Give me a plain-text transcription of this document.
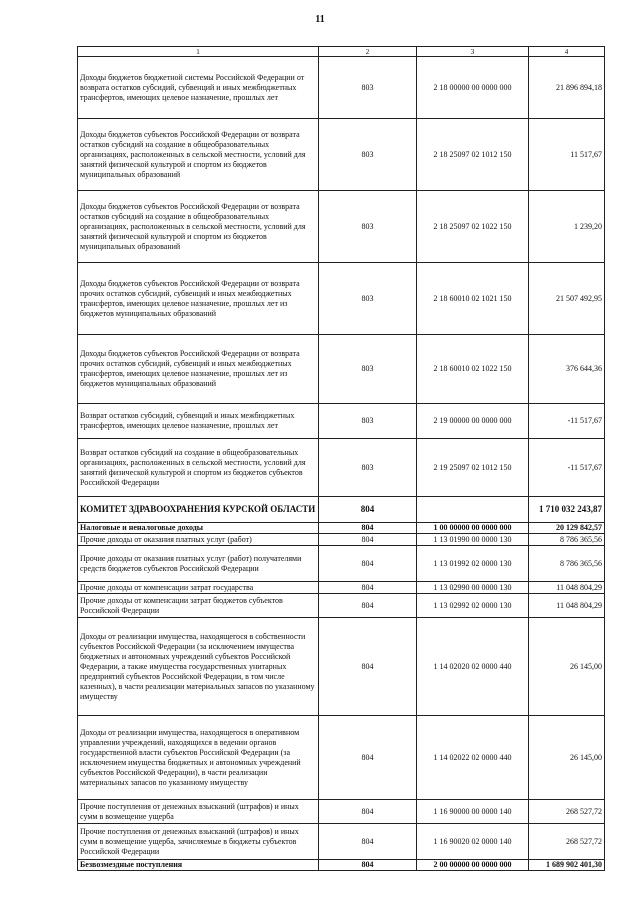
11
1	2	3	4
Доходы бюджетов бюджетной системы Российской Федерации от возврата остатков субсидий, субвенций и иных межбюджетных трансфертов, имеющих целевое назначение, прошлых лет	803	2 18 00000 00 0000 000	21 896 894,18
Доходы бюджетов субъектов Российской Федерации от возврата остатков субсидий на создание в общеобразовательных организациях, расположенных в сельской местности, условий для занятий физической культурой и спортом из бюджетов муниципальных образований	803	2 18 25097 02 1012 150	11 517,67
Доходы бюджетов субъектов Российской Федерации от возврата остатков субсидий на создание в общеобразовательных организациях, расположенных в сельской местности, условий для занятий физической культурой и спортом из бюджетов муниципальных образований	803	2 18 25097 02 1022 150	1 239,20
Доходы бюджетов субъектов Российской Федерации от возврата прочих остатков субсидий, субвенций и иных межбюджетных трансфертов, имеющих целевое назначение, прошлых лет из бюджетов муниципальных образований	803	2 18 60010 02 1021 150	21 507 492,95
Доходы бюджетов субъектов Российской Федерации от возврата прочих остатков субсидий, субвенций и иных межбюджетных трансфертов, имеющих целевое назначение, прошлых лет из бюджетов муниципальных образований	803	2 18 60010 02 1022 150	376 644,36
Возврат остатков субсидий, субвенций и иных межбюджетных трансфертов, имеющих целевое назначение, прошлых лет	803	2 19 00000 00 0000 000	-11 517,67
Возврат остатков субсидий на создание в общеобразовательных организациях, расположенных в сельской местности, условий для занятий физической культурой и спортом из бюджетов субъектов Российской Федерации	803	2 19 25097 02 1012 150	-11 517,67
КОМИТЕТ ЗДРАВООХРАНЕНИЯ КУРСКОЙ ОБЛАСТИ	804		1 710 032 243,87
Налоговые и неналоговые доходы	804	1 00 00000 00 0000 000	20 129 842,57
Прочие доходы от оказания платных услуг (работ)	804	1 13 01990 00 0000 130	8 786 365,56
Прочие доходы от оказания платных услуг (работ) получателями средств бюджетов субъектов Российской Федерации	804	1 13 01992 02 0000 130	8 786 365,56
Прочие доходы от компенсации затрат государства	804	1 13 02990 00 0000 130	11 048 804,29
Прочие доходы от компенсации затрат бюджетов субъектов Российской Федерации	804	1 13 02992 02 0000 130	11 048 804,29
Доходы от реализации имущества, находящегося в собственности субъектов Российской Федерации (за исключением имущества бюджетных и автономных учреждений субъектов Российской Федерации, а также имущества государственных унитарных предприятий субъектов Российской Федерации, в том числе казенных), в части реализации материальных запасов по указанному имуществу	804	1 14 02020 02 0000 440	26 145,00
Доходы от реализации имущества, находящегося в оперативном управлении учреждений, находящихся в ведении органов государственной власти субъектов Российской Федерации (за исключением имущества бюджетных и автономных учреждений субъектов Российской Федерации), в части реализации материальных запасов по указанному имуществу	804	1 14 02022 02 0000 440	26 145,00
Прочие поступления от денежных взысканий (штрафов) и иных сумм в возмещение ущерба	804	1 16 90000 00 0000 140	268 527,72
Прочие поступления от денежных взысканий (штрафов) и иных сумм в возмещение ущерба, зачисляемые в бюджеты субъектов Российской Федерации	804	1 16 90020 02 0000 140	268 527,72
Безвозмездные поступления	804	2 00 00000 00 0000 000	1 689 902 401,30
